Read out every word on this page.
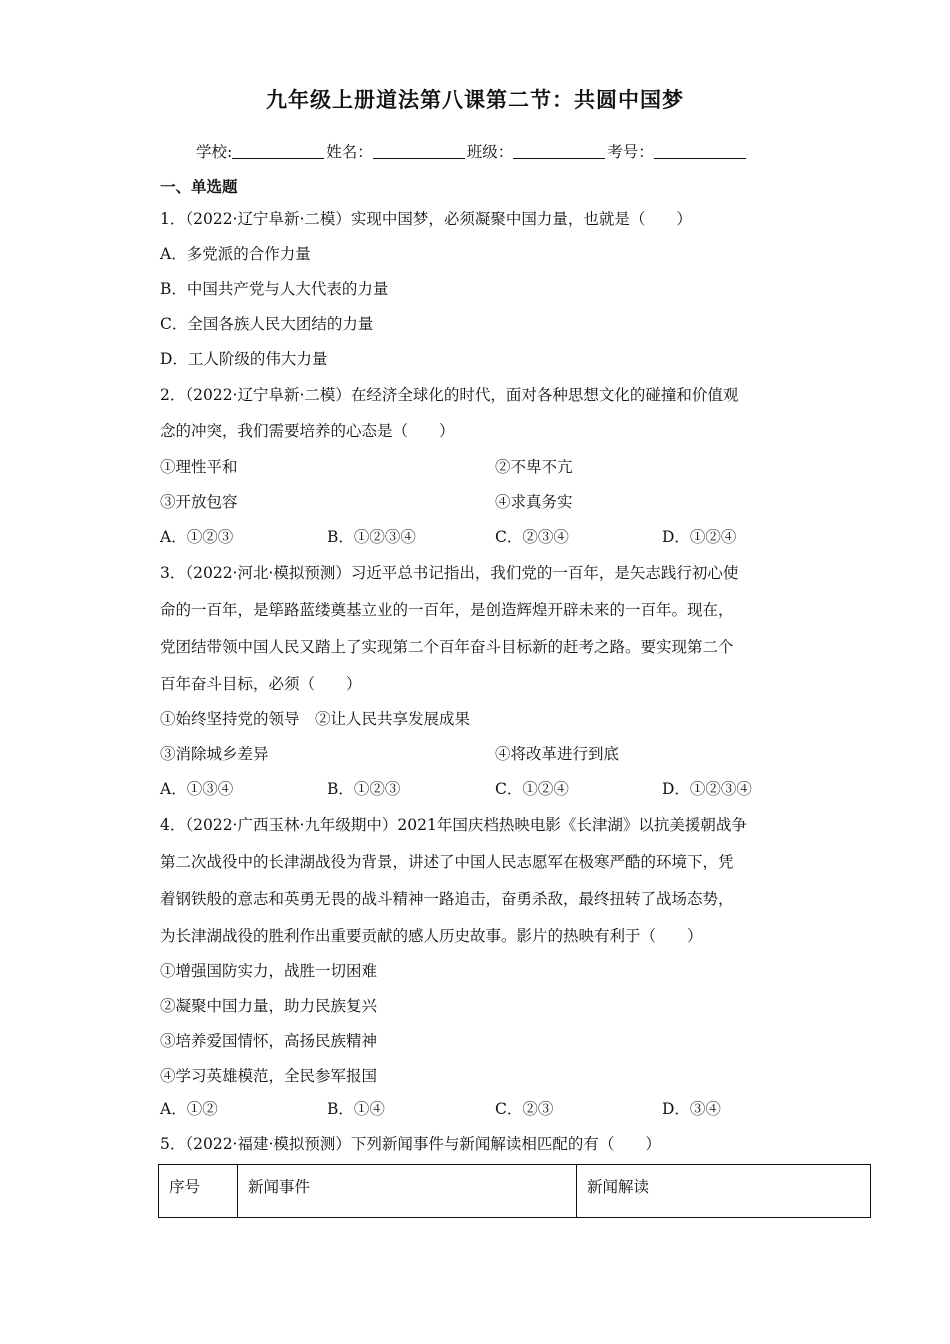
九年级上册道法第八课第二节：共圆中国梦
学校:	姓名：	班级：	考号：
一、单选题
1．（2022·辽宁阜新·二模）实现中国梦，必须凝聚中国力量，也就是（　　）
A．多党派的合作力量
B．中国共产党与人大代表的力量
C．全国各族人民大团结的力量
D．工人阶级的伟大力量
2．（2022·辽宁阜新·二模）在经济全球化的时代，面对各种思想文化的碰撞和价值观
念的冲突，我们需要培养的心态是（　　）
①理性平和	②不卑不亢
③开放包容	④求真务实
A．①②③	B．①②③④	C．②③④	D．①②④
3．（2022·河北·模拟预测）习近平总书记指出，我们党的一百年，是矢志践行初心使
命的一百年，是筚路蓝缕奠基立业的一百年，是创造辉煌开辟未来的一百年。现在，
党团结带领中国人民又踏上了实现第二个百年奋斗目标新的赶考之路。要实现第二个
百年奋斗目标，必须（　　）
①始终坚持党的领导　②让人民共享发展成果
③消除城乡差异	④将改革进行到底
A．①③④	B．①②③	C．①②④	D．①②③④
4．（2022·广西玉林·九年级期中）2021年国庆档热映电影《长津湖》以抗美援朝战争
第二次战役中的长津湖战役为背景，讲述了中国人民志愿军在极寒严酷的环境下，凭
着钢铁般的意志和英勇无畏的战斗精神一路追击，奋勇杀敌，最终扭转了战场态势，
为长津湖战役的胜利作出重要贡献的感人历史故事。影片的热映有利于（　　）
①增强国防实力，战胜一切困难
②凝聚中国力量，助力民族复兴
③培养爱国情怀，高扬民族精神
④学习英雄模范，全民参军报国
A．①②	B．①④	C．②③	D．③④
5．（2022·福建·模拟预测）下列新闻事件与新闻解读相匹配的有（　　）
序号	新闻事件	新闻解读
